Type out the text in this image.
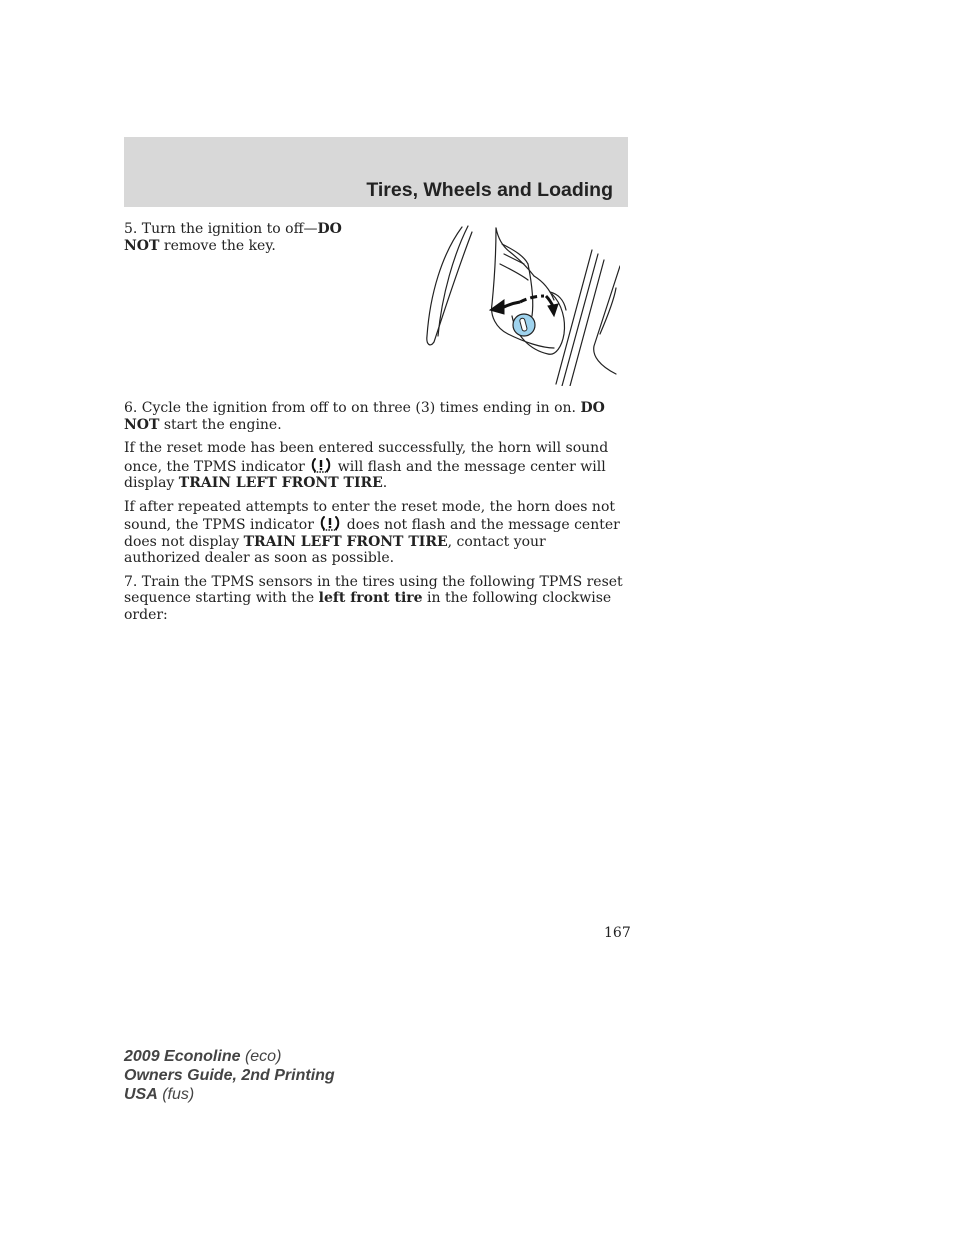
Tires, Wheels and Loading

5. Turn the ignition to off—DO NOT remove the key.

6. Cycle the ignition from off to on three (3) times ending in on. DO NOT start the engine.

If the reset mode has been entered successfully, the horn will sound once, the TPMS indicator  will flash and the message center will display TRAIN LEFT FRONT TIRE.

If after repeated attempts to enter the reset mode, the horn does not sound, the TPMS indicator  does not flash and the message center does not display TRAIN LEFT FRONT TIRE, contact your authorized dealer as soon as possible.

7. Train the TPMS sensors in the tires using the following TPMS reset sequence starting with the left front tire in the following clockwise order:

167
2009 Econoline (eco)
Owners Guide, 2nd Printing
USA (fus)
